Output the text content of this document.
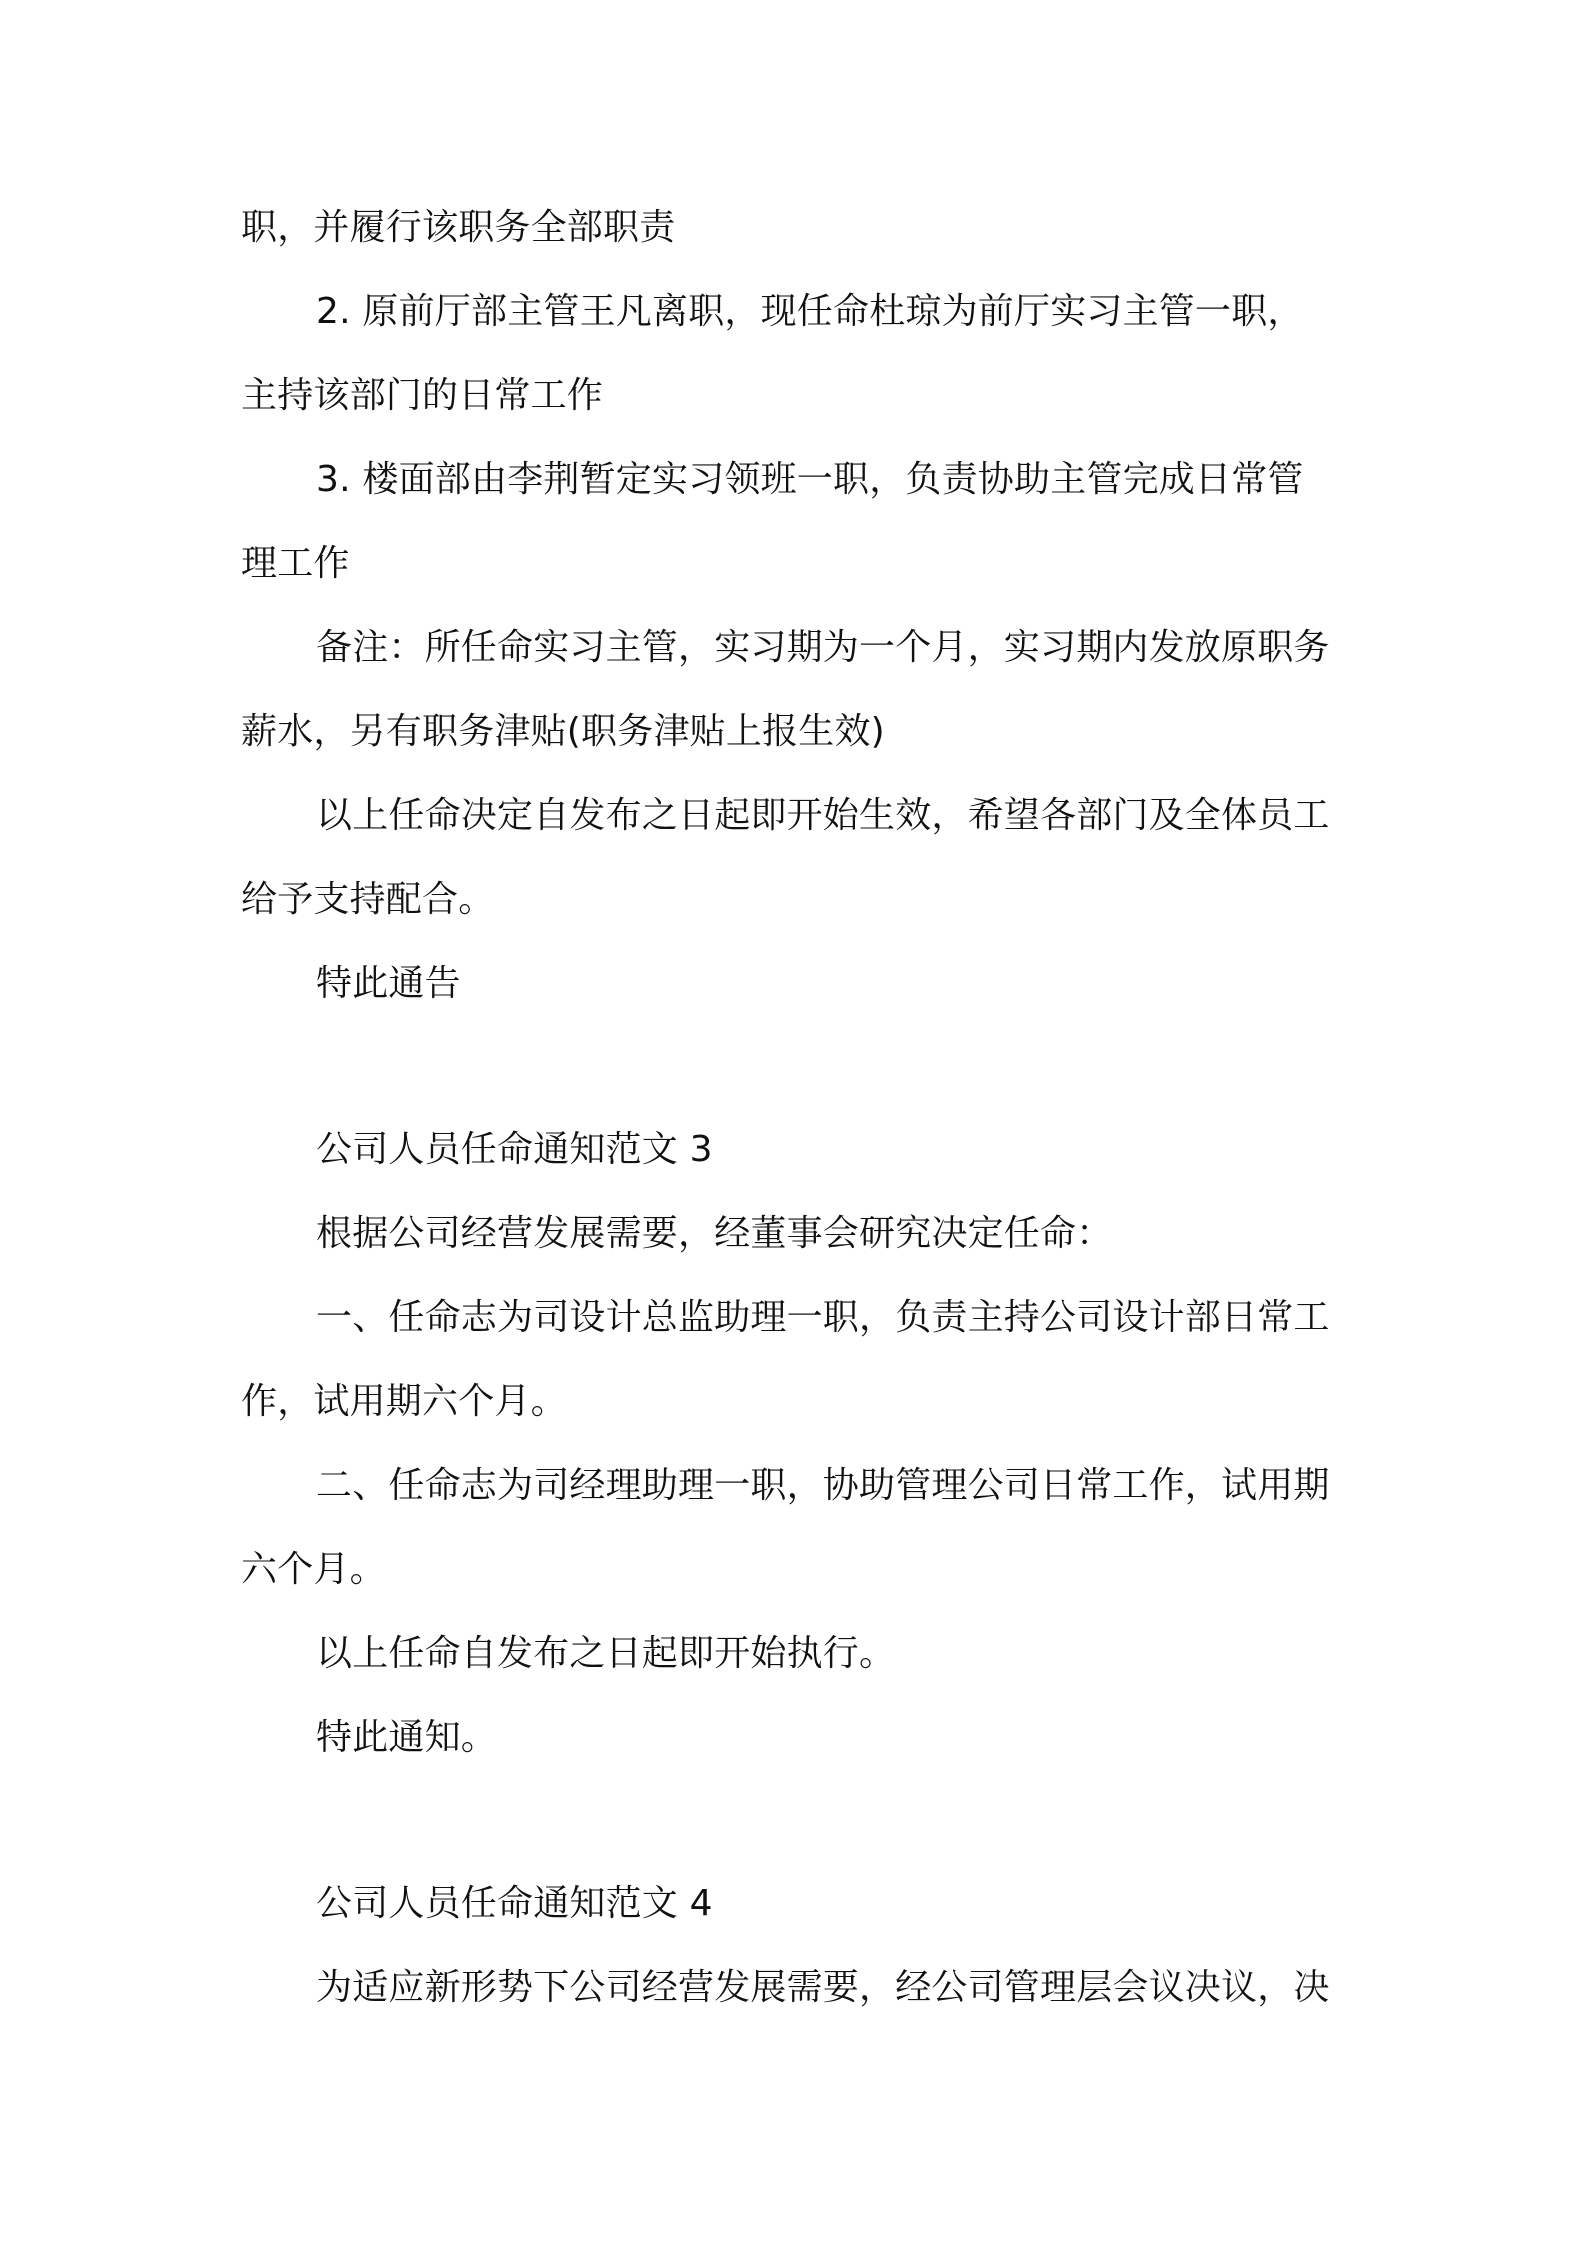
职，并履行该职务全部职责
2. 原前厅部主管王凡离职，现任命杜琼为前厅实习主管一职，
主持该部门的日常工作
3. 楼面部由李荆暂定实习领班一职，负责协助主管完成日常管
理工作
备注：所任命实习主管，实习期为一个月，实习期内发放原职务
薪水，另有职务津贴(职务津贴上报生效)
以上任命决定自发布之日起即开始生效，希望各部门及全体员工
给予支持配合。
特此通告
公司人员任命通知范文 3
根据公司经营发展需要，经董事会研究决定任命：
一、任命志为司设计总监助理一职，负责主持公司设计部日常工
作，试用期六个月。
二、任命志为司经理助理一职，协助管理公司日常工作，试用期
六个月。
以上任命自发布之日起即开始执行。
特此通知。
公司人员任命通知范文 4
为适应新形势下公司经营发展需要，经公司管理层会议决议，决
